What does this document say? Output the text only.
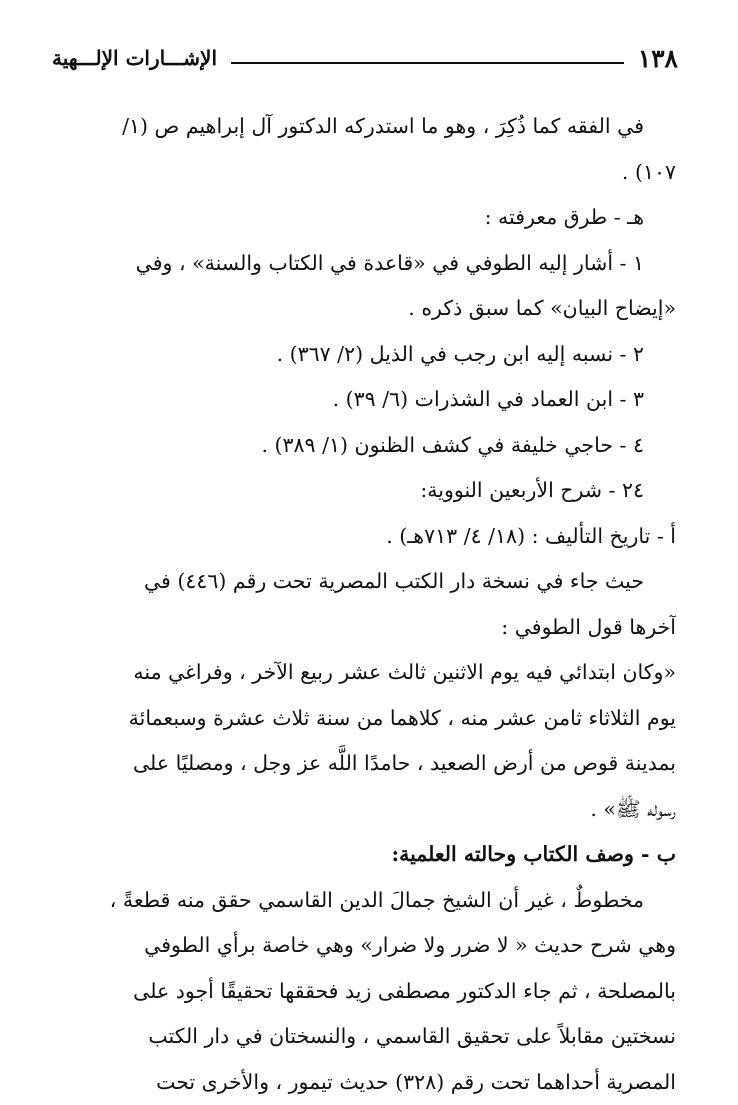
١٣٨
الإشـــارات الإلـــهية
في الفقه كما ذُكِرَ ، وهو ما استدركه الدكتور آل إبراهيم ص (١/
١٠٧) .
هـ - طرق معرفته :
١ - أشار إليه الطوفي في «قاعدة في الكتاب والسنة» ، وفي
«إيضاح البيان» كما سبق ذكره .
٢ - نسبه إليه ابن رجب في الذيل (٢/ ٣٦٧) .
٣ - ابن العماد في الشذرات (٦/ ٣٩) .
٤ - حاجي خليفة في كشف الظنون (١/ ٣٨٩) .
٢٤ - شرح الأربعين النووية:
أ - تاريخ التأليف : (١٨/ ٤/ ٧١٣هـ) .
حيث جاء في نسخة دار الكتب المصرية تحت رقم (٤٤٦) في
آخرها قول الطوفي :
«وكان ابتدائي فيه يوم الاثنين ثالث عشر ربيع الآخر ، وفراغي منه
يوم الثلاثاء ثامن عشر منه ، كلاهما من سنة ثلاث عشرة وسبعمائة
بمدينة قوص من أرض الصعيد ، حامدًا اللَّه عز وجل ، ومصليًا على
رسوله ﷺ» .
ب - وصف الكتاب وحالته العلمية:
مخطوطٌ ، غير أن الشيخ جمالَ الدين القاسمي حقق منه قطعةً ،
وهي شرح حديث « لا ضرر ولا ضرار» وهي خاصة برأي الطوفي
بالمصلحة ، ثم جاء الدكتور مصطفى زيد فحققها تحقيقًا أجود على
نسختين مقابلاً على تحقيق القاسمي ، والنسختان في دار الكتب
المصرية أحداهما تحت رقم (٣٢٨) حديث تيمور ، والأخرى تحت
